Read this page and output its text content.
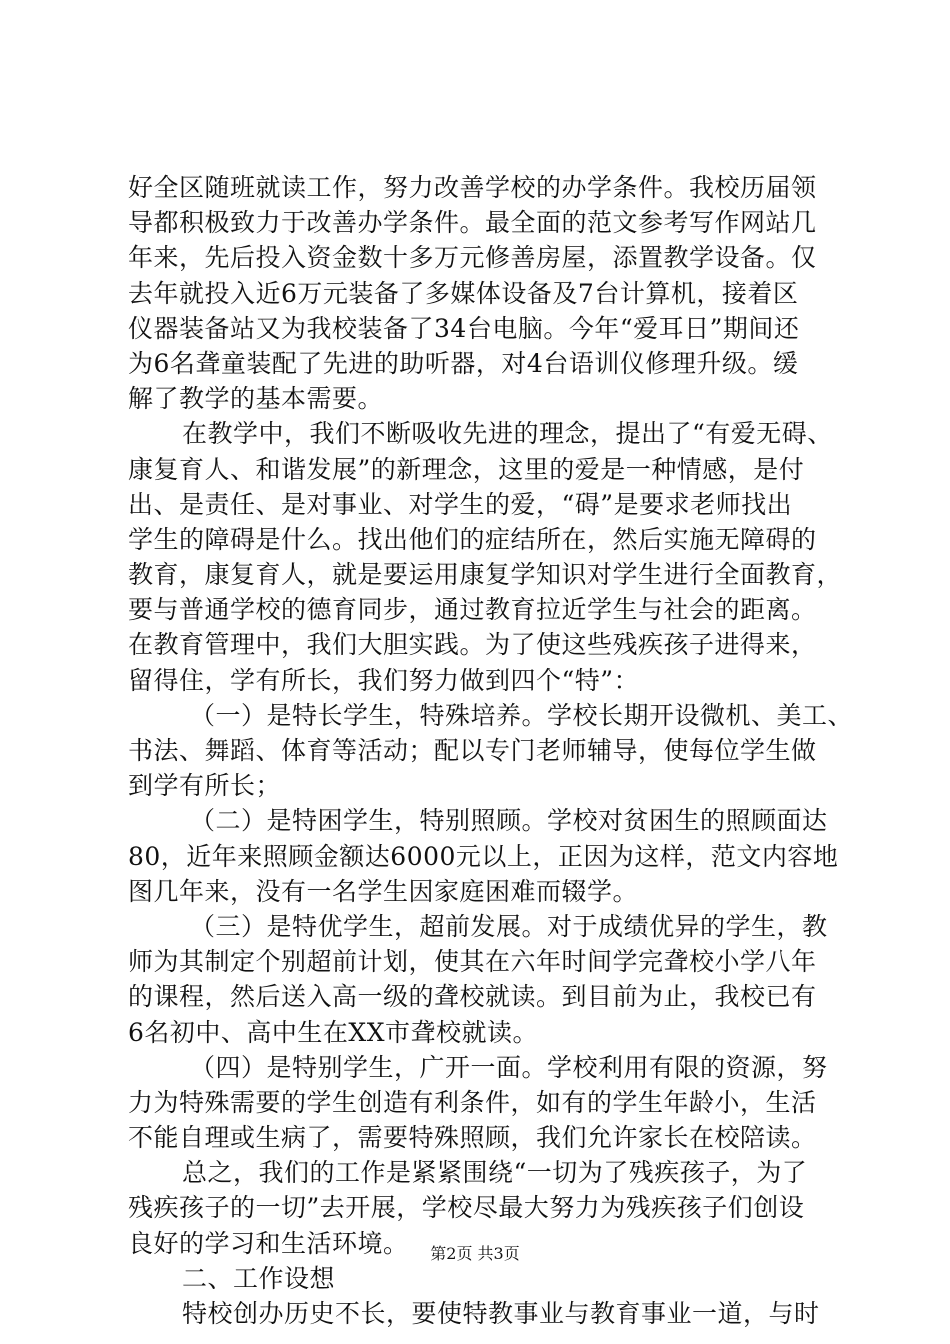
好全区随班就读工作，努力改善学校的办学条件。我校历届领
导都积极致力于改善办学条件。最全面的范文参考写作网站几
年来，先后投入资金数十多万元修善房屋，添置教学设备。仅
去年就投入近6万元装备了多媒体设备及7台计算机，接着区
仪器装备站又为我校装备了34台电脑。今年“爱耳日”期间还
为6名聋童装配了先进的助听器，对4台语训仪修理升级。缓
解了教学的基本需要。
在教学中，我们不断吸收先进的理念，提出了“有爱无碍、
康复育人、和谐发展”的新理念，这里的爱是一种情感，是付
出、是责任、是对事业、对学生的爱，“碍”是要求老师找出
学生的障碍是什么。找出他们的症结所在，然后实施无障碍的
教育，康复育人，就是要运用康复学知识对学生进行全面教育，
要与普通学校的德育同步，通过教育拉近学生与社会的距离。
在教育管理中，我们大胆实践。为了使这些残疾孩子进得来，
留得住，学有所长，我们努力做到四个“特”：
（一）是特长学生，特殊培养。学校长期开设微机、美工、
书法、舞蹈、体育等活动；配以专门老师辅导，使每位学生做
到学有所长；
（二）是特困学生，特别照顾。学校对贫困生的照顾面达
80，近年来照顾金额达6000元以上，正因为这样，范文内容地
图几年来，没有一名学生因家庭困难而辍学。
（三）是特优学生，超前发展。对于成绩优异的学生，教
师为其制定个别超前计划，使其在六年时间学完聋校小学八年
的课程，然后送入高一级的聋校就读。到目前为止，我校已有
6名初中、高中生在XX市聋校就读。
（四）是特别学生，广开一面。学校利用有限的资源，努
力为特殊需要的学生创造有利条件，如有的学生年龄小，生活
不能自理或生病了，需要特殊照顾，我们允许家长在校陪读。
总之，我们的工作是紧紧围绕“一切为了残疾孩子，为了
残疾孩子的一切”去开展，学校尽最大努力为残疾孩子们创设
良好的学习和生活环境。
二、工作设想
特校创办历史不长，要使特教事业与教育事业一道，与时
第2页 共3页
